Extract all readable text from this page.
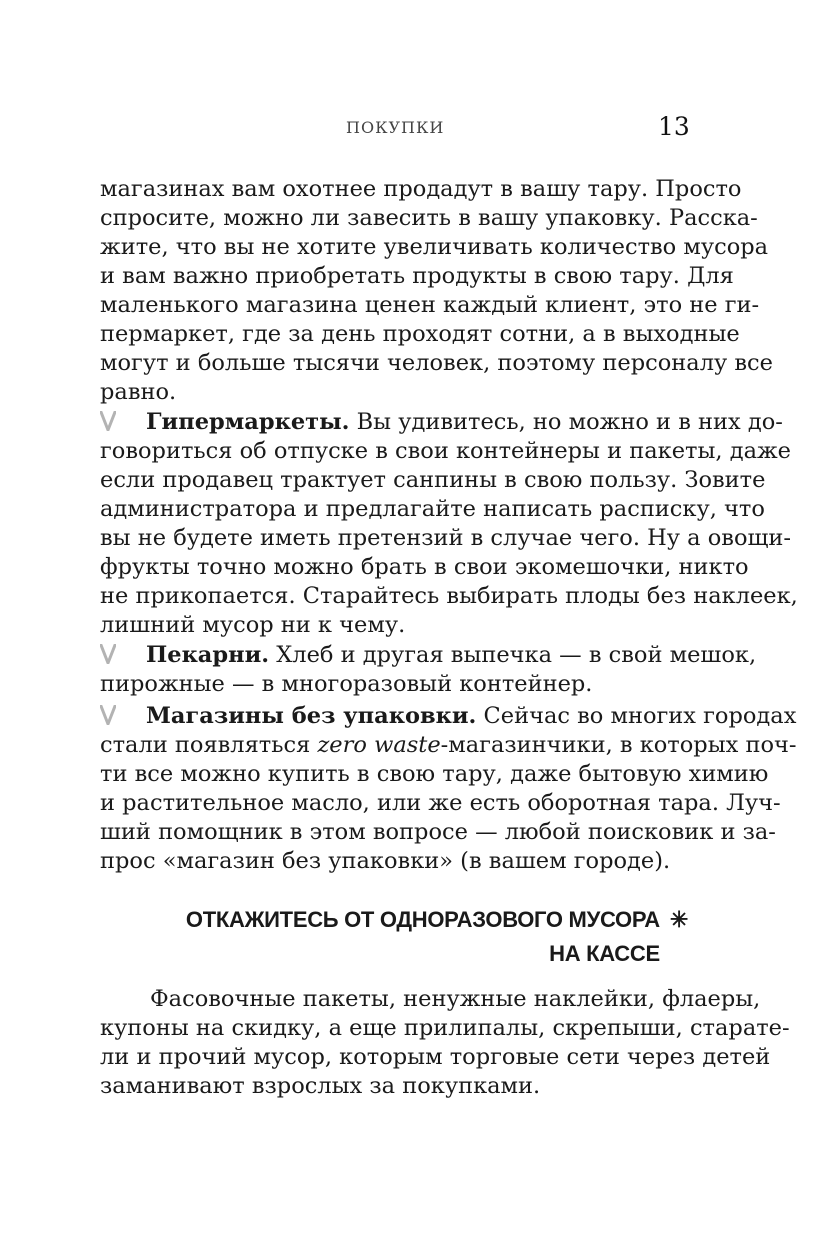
ПОКУПКИ	13
магазинах вам охотнее продадут в вашу тару. Просто
спросите, можно ли завесить в вашу упаковку. Расска-
жите, что вы не хотите увеличивать количество мусора
и вам важно приобретать продукты в свою тару. Для
маленького магазина ценен каждый клиент, это не ги-
пермаркет, где за день проходят сотни, а в выходные
могут и больше тысячи человек, поэтому персоналу все
равно.
Гипермаркеты. Вы удивитесь, но можно и в них до-
говориться об отпуске в свои контейнеры и пакеты, даже
если продавец трактует санпины в свою пользу. Зовите
администратора и предлагайте написать расписку, что
вы не будете иметь претензий в случае чего. Ну а овощи-
фрукты точно можно брать в свои экомешочки, никто
не прикопается. Старайтесь выбирать плоды без наклеек,
лишний мусор ни к чему.
Пекарни. Хлеб и другая выпечка — в свой мешок,
пирожные — в многоразовый контейнер.
Магазины без упаковки. Сейчас во многих городах
стали появляться zero waste-магазинчики, в которых поч-
ти все можно купить в свою тару, даже бытовую химию
и растительное масло, или же есть оборотная тара. Луч-
ший помощник в этом вопросе — любой поисковик и за-
прос «магазин без упаковки» (в вашем городе).
ОТКАЖИТЕСЬ ОТ ОДНОРАЗОВОГО МУСОРА ✳
НА КАССЕ
Фасовочные пакеты, ненужные наклейки, флаеры,
купоны на скидку, а еще прилипалы, скрепыши, старате-
ли и прочий мусор, которым торговые сети через детей
заманивают взрослых за покупками.
